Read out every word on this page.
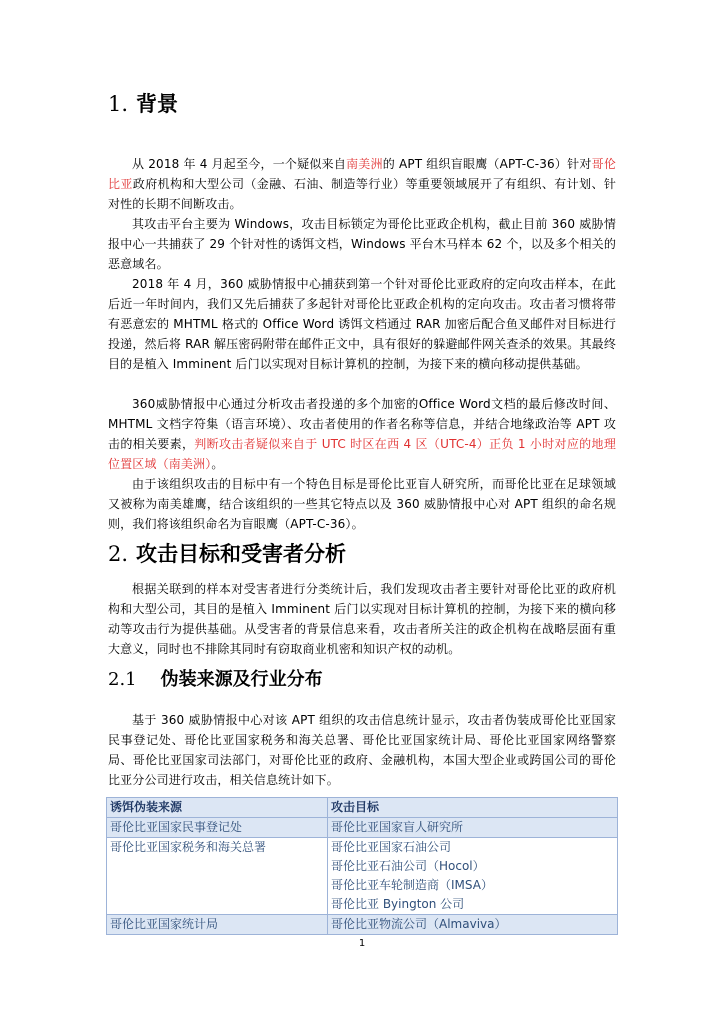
1. 背景
从 2018 年 4 月起至今，一个疑似来自南美洲的 APT 组织盲眼鹰（APT-C-36）针对哥伦比亚政府机构和大型公司（金融、石油、制造等行业）等重要领域展开了有组织、有计划、针对性的长期不间断攻击。
其攻击平台主要为 Windows，攻击目标锁定为哥伦比亚政企机构，截止目前 360 威胁情报中心一共捕获了 29 个针对性的诱饵文档，Windows 平台木马样本 62 个，以及多个相关的恶意域名。
2018 年 4 月，360 威胁情报中心捕获到第一个针对哥伦比亚政府的定向攻击样本，在此后近一年时间内，我们又先后捕获了多起针对哥伦比亚政企机构的定向攻击。攻击者习惯将带有恶意宏的 MHTML 格式的 Office Word 诱饵文档通过 RAR 加密后配合鱼叉邮件对目标进行投递，然后将 RAR 解压密码附带在邮件正文中，具有很好的躲避邮件网关查杀的效果。其最终目的是植入 Imminent 后门以实现对目标计算机的控制，为接下来的横向移动提供基础。
360威胁情报中心通过分析攻击者投递的多个加密的Office Word文档的最后修改时间、MHTML 文档字符集（语言环境）、攻击者使用的作者名称等信息，并结合地缘政治等 APT 攻击的相关要素，判断攻击者疑似来自于 UTC 时区在西 4 区（UTC-4）正负 1 小时对应的地理位置区域（南美洲）。
由于该组织攻击的目标中有一个特色目标是哥伦比亚盲人研究所，而哥伦比亚在足球领域又被称为南美雄鹰，结合该组织的一些其它特点以及 360 威胁情报中心对 APT 组织的命名规则，我们将该组织命名为盲眼鹰（APT-C-36）。
2. 攻击目标和受害者分析
根据关联到的样本对受害者进行分类统计后，我们发现攻击者主要针对哥伦比亚的政府机构和大型公司，其目的是植入 Imminent 后门以实现对目标计算机的控制，为接下来的横向移动等攻击行为提供基础。从受害者的背景信息来看，攻击者所关注的政企机构在战略层面有重大意义，同时也不排除其同时有窃取商业机密和知识产权的动机。
2.1 伪装来源及行业分布
基于 360 威胁情报中心对该 APT 组织的攻击信息统计显示，攻击者伪装成哥伦比亚国家民事登记处、哥伦比亚国家税务和海关总署、哥伦比亚国家统计局、哥伦比亚国家网络警察局、哥伦比亚国家司法部门，对哥伦比亚的政府、金融机构，本国大型企业或跨国公司的哥伦比亚分公司进行攻击，相关信息统计如下。
诱饵伪装来源	攻击目标
哥伦比亚国家民事登记处	哥伦比亚国家盲人研究所

哥伦比亚国家税务和海关总署	哥伦比亚国家石油公司
哥伦比亚石油公司（Hocol）
哥伦比亚车轮制造商（IMSA）
哥伦比亚 Byington 公司

哥伦比亚国家统计局	哥伦比亚物流公司（Almaviva）
1
